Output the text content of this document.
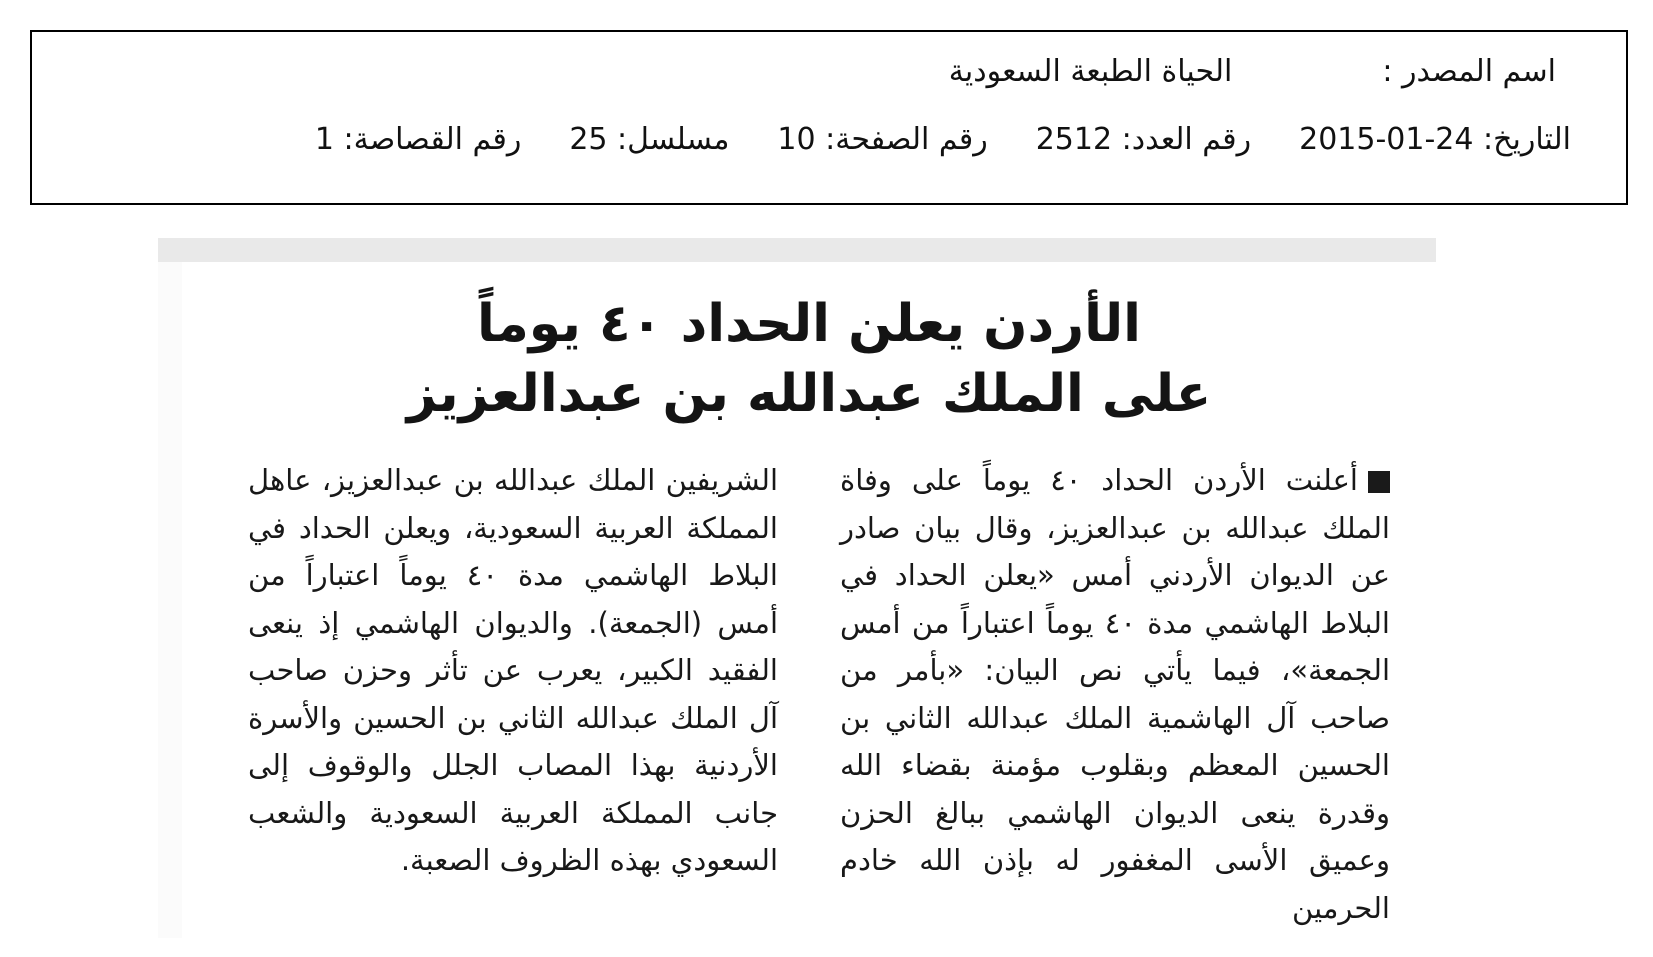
اسم المصدر :
الحياة الطبعة السعودية
التاريخ: 2015-01-24
رقم العدد: 2512
رقم الصفحة: 10
مسلسل: 25
رقم القصاصة: 1
الأردن يعلن الحداد ٤٠ يوماً
على الملك عبدالله بن عبدالعزيز
أعلنت الأردن الحداد ٤٠ يوماً على وفاة الملك عبدالله بن عبدالعزيز، وقال بيان صادر عن الديوان الأردني أمس «يعلن الحداد في البلاط الهاشمي مدة ٤٠ يوماً اعتباراً من أمس الجمعة»، فيما يأتي نص البيان: «بأمر من صاحب آل الهاشمية الملك عبدالله الثاني بن الحسين المعظم وبقلوب مؤمنة بقضاء الله وقدرة ينعى الديوان الهاشمي ببالغ الحزن وعميق الأسى المغفور له بإذن الله خادم الحرمين
الشريفين الملك عبدالله بن عبدالعزيز، عاهل المملكة العربية السعودية، ويعلن الحداد في البلاط الهاشمي مدة ٤٠ يوماً اعتباراً من أمس (الجمعة). والديوان الهاشمي إذ ينعى الفقيد الكبير، يعرب عن تأثر وحزن صاحب آل الملك عبدالله الثاني بن الحسين والأسرة الأردنية بهذا المصاب الجلل والوقوف إلى جانب المملكة العربية السعودية والشعب السعودي بهذه الظروف الصعبة.
